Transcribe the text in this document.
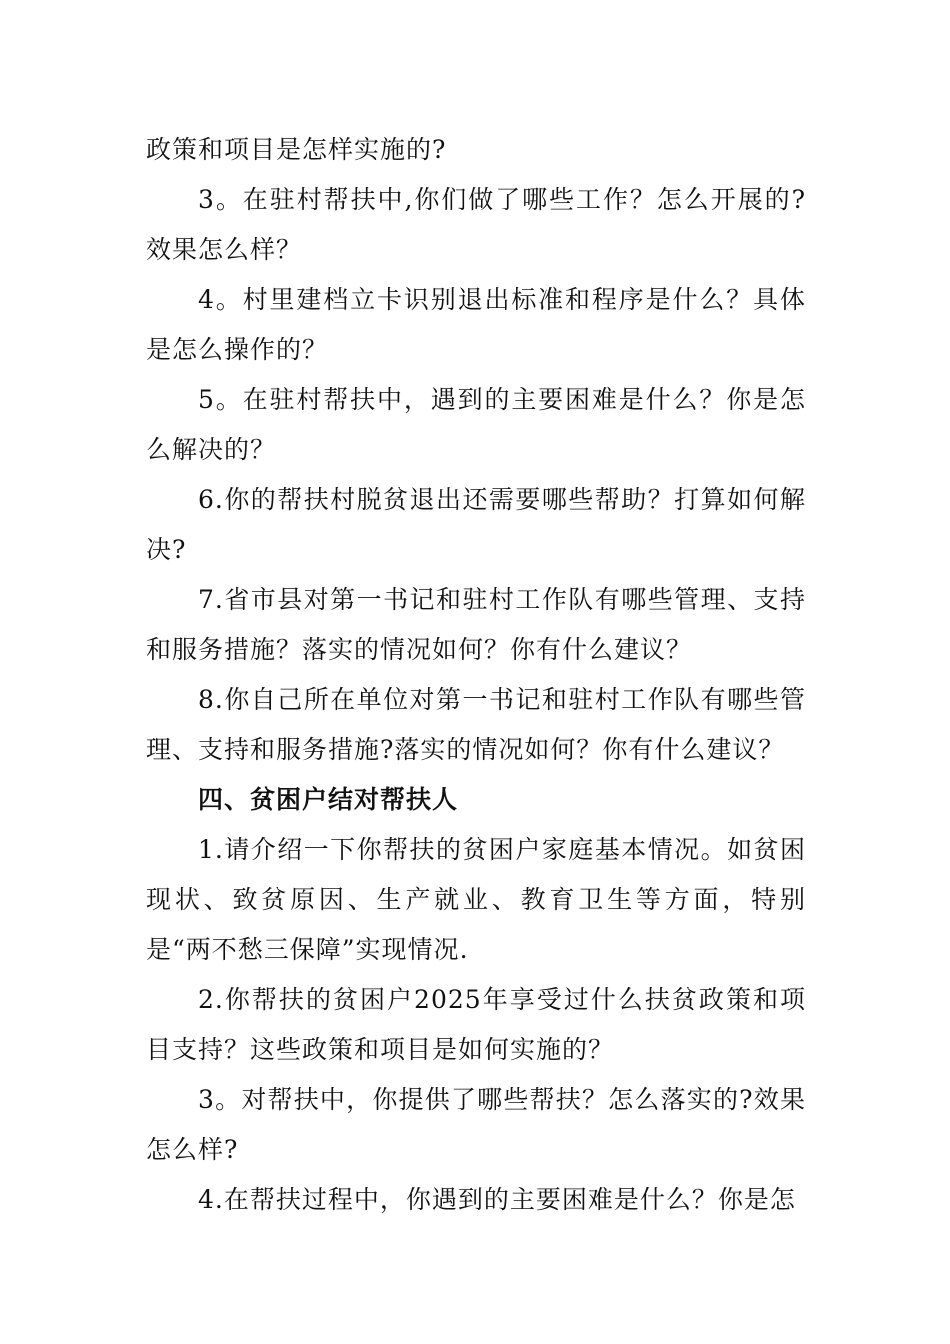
政策和项目是怎样实施的?

3。在驻村帮扶中,你们做了哪些工作？怎么开展的?效果怎么样？

4。村里建档立卡识别退出标准和程序是什么？具体是怎么操作的？

5。在驻村帮扶中，遇到的主要困难是什么？你是怎么解决的？

6.你的帮扶村脱贫退出还需要哪些帮助？打算如何解决?

7.省市县对第一书记和驻村工作队有哪些管理、支持和服务措施？落实的情况如何？你有什么建议？

8.你自己所在单位对第一书记和驻村工作队有哪些管理、支持和服务措施?落实的情况如何？你有什么建议？

四、贫困户结对帮扶人

1.请介绍一下你帮扶的贫困户家庭基本情况。如贫困现状、致贫原因、生产就业、教育卫生等方面，特别是“两不愁三保障”实现情况.

2.你帮扶的贫困户2025年享受过什么扶贫政策和项目支持？这些政策和项目是如何实施的？

3。对帮扶中，你提供了哪些帮扶？怎么落实的?效果怎么样?

4.在帮扶过程中，你遇到的主要困难是什么？你是怎
